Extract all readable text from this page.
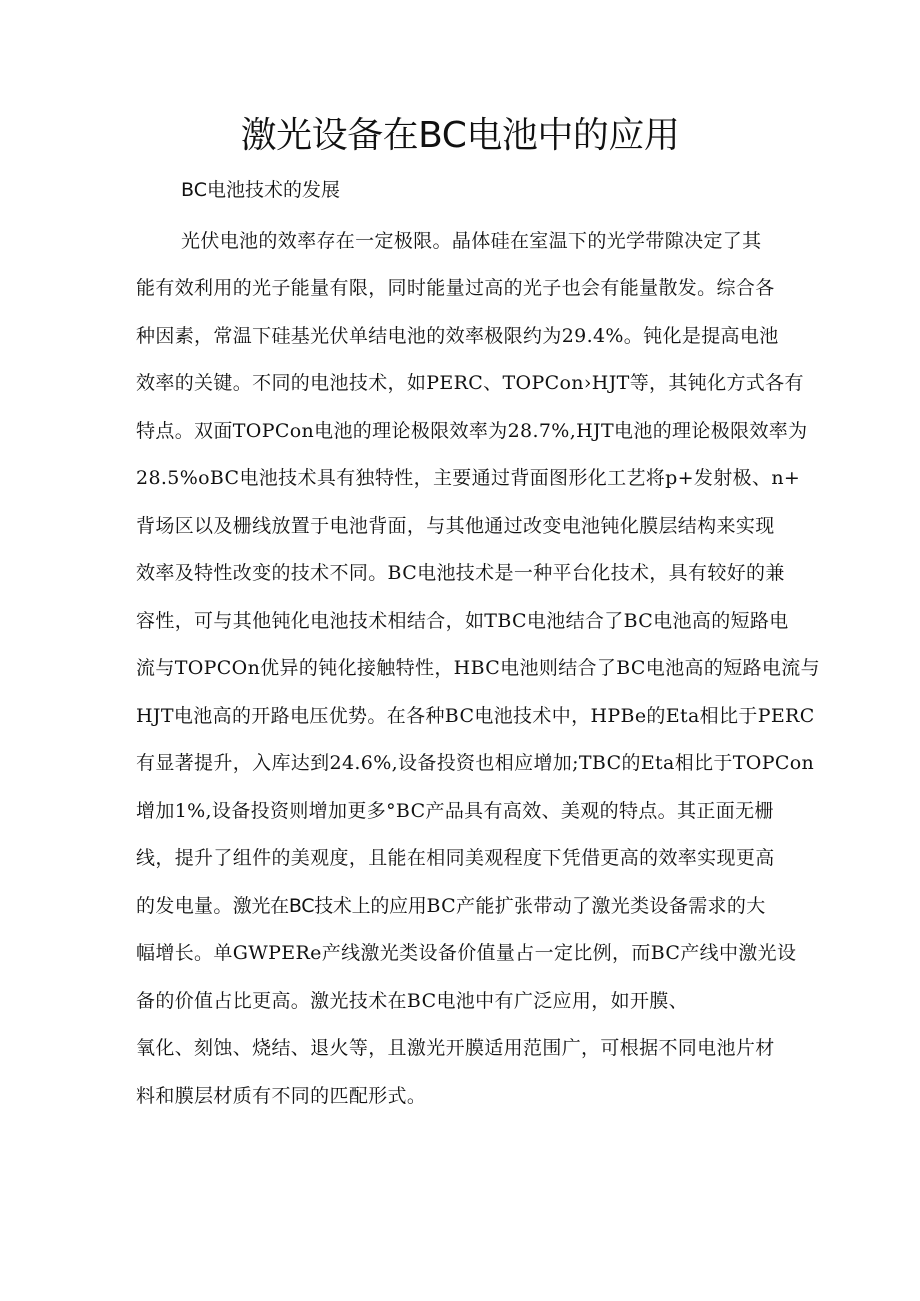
激光设备在BC电池中的应用
BC电池技术的发展
光伏电池的效率存在一定极限。晶体硅在室温下的光学带隙决定了其
能有效利用的光子能量有限，同时能量过高的光子也会有能量散发。综合各
种因素，常温下硅基光伏单结电池的效率极限约为29.4%。钝化是提高电池
效率的关键。不同的电池技术，如PERC、TOPCon›HJT等，其钝化方式各有
特点。双面TOPCon电池的理论极限效率为28.7%,HJT电池的理论极限效率为
28.5%oBC电池技术具有独特性，主要通过背面图形化工艺将p+发射极、n+
背场区以及栅线放置于电池背面，与其他通过改变电池钝化膜层结构来实现
效率及特性改变的技术不同。BC电池技术是一种平台化技术，具有较好的兼
容性，可与其他钝化电池技术相结合，如TBC电池结合了BC电池高的短路电
流与TOPCOn优异的钝化接触特性，HBC电池则结合了BC电池高的短路电流与
HJT电池高的开路电压优势。在各种BC电池技术中，HPBe的Eta相比于PERC
有显著提升，入库达到24.6%,设备投资也相应增加;TBC的Eta相比于TOPCon
增加1%,设备投资则增加更多°BC产品具有高效、美观的特点。其正面无栅
线，提升了组件的美观度，且能在相同美观程度下凭借更高的效率实现更高
的发电量。激光在BC技术上的应用BC产能扩张带动了激光类设备需求的大
幅增长。单GWPERe产线激光类设备价值量占一定比例，而BC产线中激光设
备的价值占比更高。激光技术在BC电池中有广泛应用，如开膜、
氧化、刻蚀、烧结、退火等，且激光开膜适用范围广，可根据不同电池片材
料和膜层材质有不同的匹配形式。
